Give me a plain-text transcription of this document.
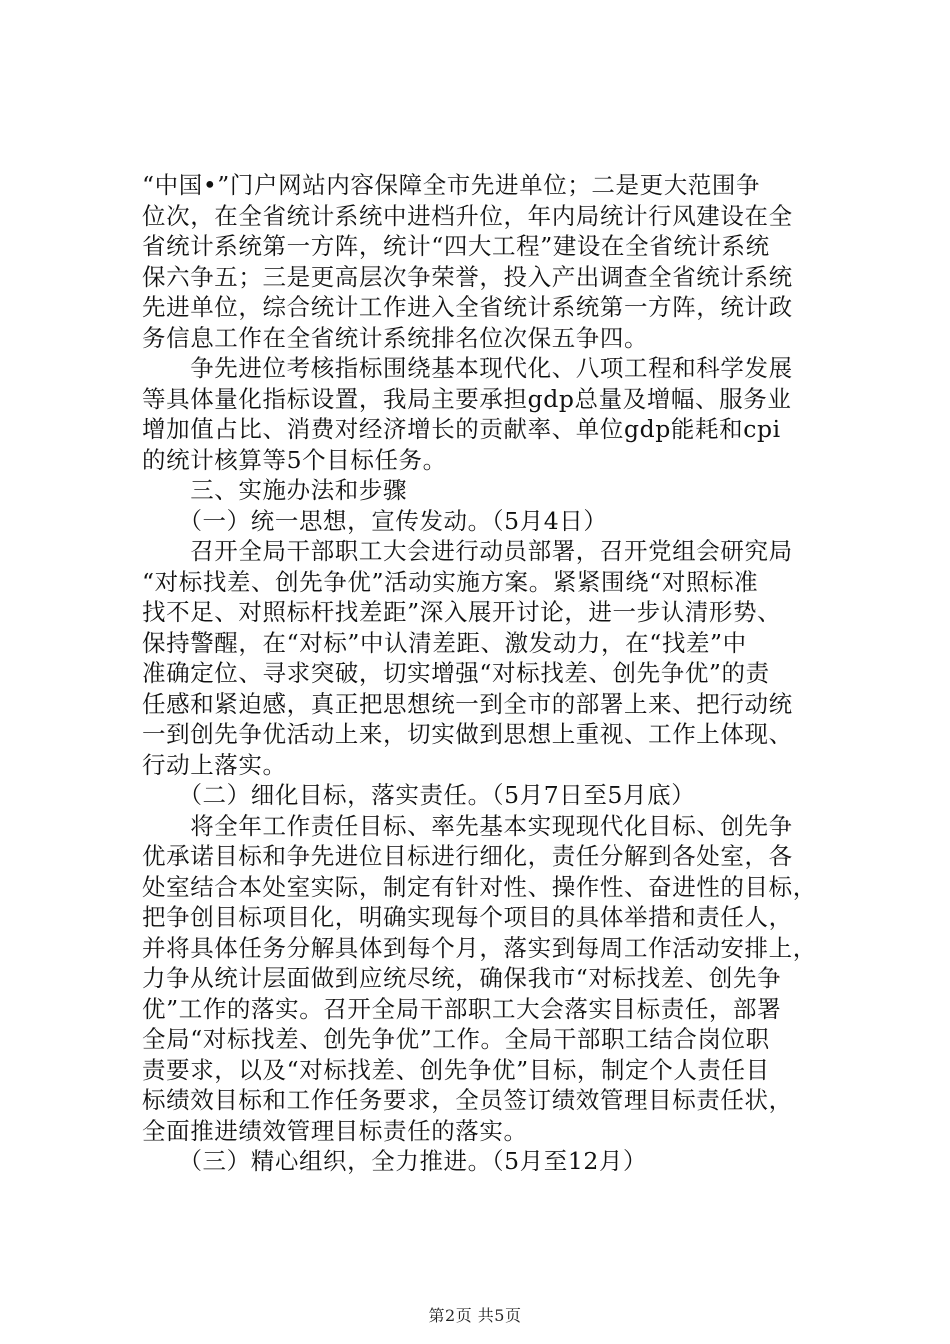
“中国•”门户网站内容保障全市先进单位；二是更大范围争
位次，在全省统计系统中进档升位，年内局统计行风建设在全
省统计系统第一方阵，统计“四大工程”建设在全省统计系统
保六争五；三是更高层次争荣誉，投入产出调查全省统计系统
先进单位，综合统计工作进入全省统计系统第一方阵，统计政
务信息工作在全省统计系统排名位次保五争四。
　　争先进位考核指标围绕基本现代化、八项工程和科学发展
等具体量化指标设置，我局主要承担gdp总量及增幅、服务业
增加值占比、消费对经济增长的贡献率、单位gdp能耗和cpi
的统计核算等5个目标任务。
　　三、实施办法和步骤
　　（一）统一思想，宣传发动。（5月4日）
　　召开全局干部职工大会进行动员部署，召开党组会研究局
“对标找差、创先争优”活动实施方案。紧紧围绕“对照标准
找不足、对照标杆找差距”深入展开讨论，进一步认清形势、
保持警醒，在“对标”中认清差距、激发动力，在“找差”中
准确定位、寻求突破，切实增强“对标找差、创先争优”的责
任感和紧迫感，真正把思想统一到全市的部署上来、把行动统
一到创先争优活动上来，切实做到思想上重视、工作上体现、
行动上落实。
　　（二）细化目标，落实责任。（5月7日至5月底）
　　将全年工作责任目标、率先基本实现现代化目标、创先争
优承诺目标和争先进位目标进行细化，责任分解到各处室，各
处室结合本处室实际，制定有针对性、操作性、奋进性的目标，
把争创目标项目化，明确实现每个项目的具体举措和责任人，
并将具体任务分解具体到每个月，落实到每周工作活动安排上，
力争从统计层面做到应统尽统，确保我市“对标找差、创先争
优”工作的落实。召开全局干部职工大会落实目标责任，部署
全局“对标找差、创先争优”工作。全局干部职工结合岗位职
责要求，以及“对标找差、创先争优”目标，制定个人责任目
标绩效目标和工作任务要求，全员签订绩效管理目标责任状，
全面推进绩效管理目标责任的落实。
　　（三）精心组织，全力推进。（5月至12月）
第2页 共5页
